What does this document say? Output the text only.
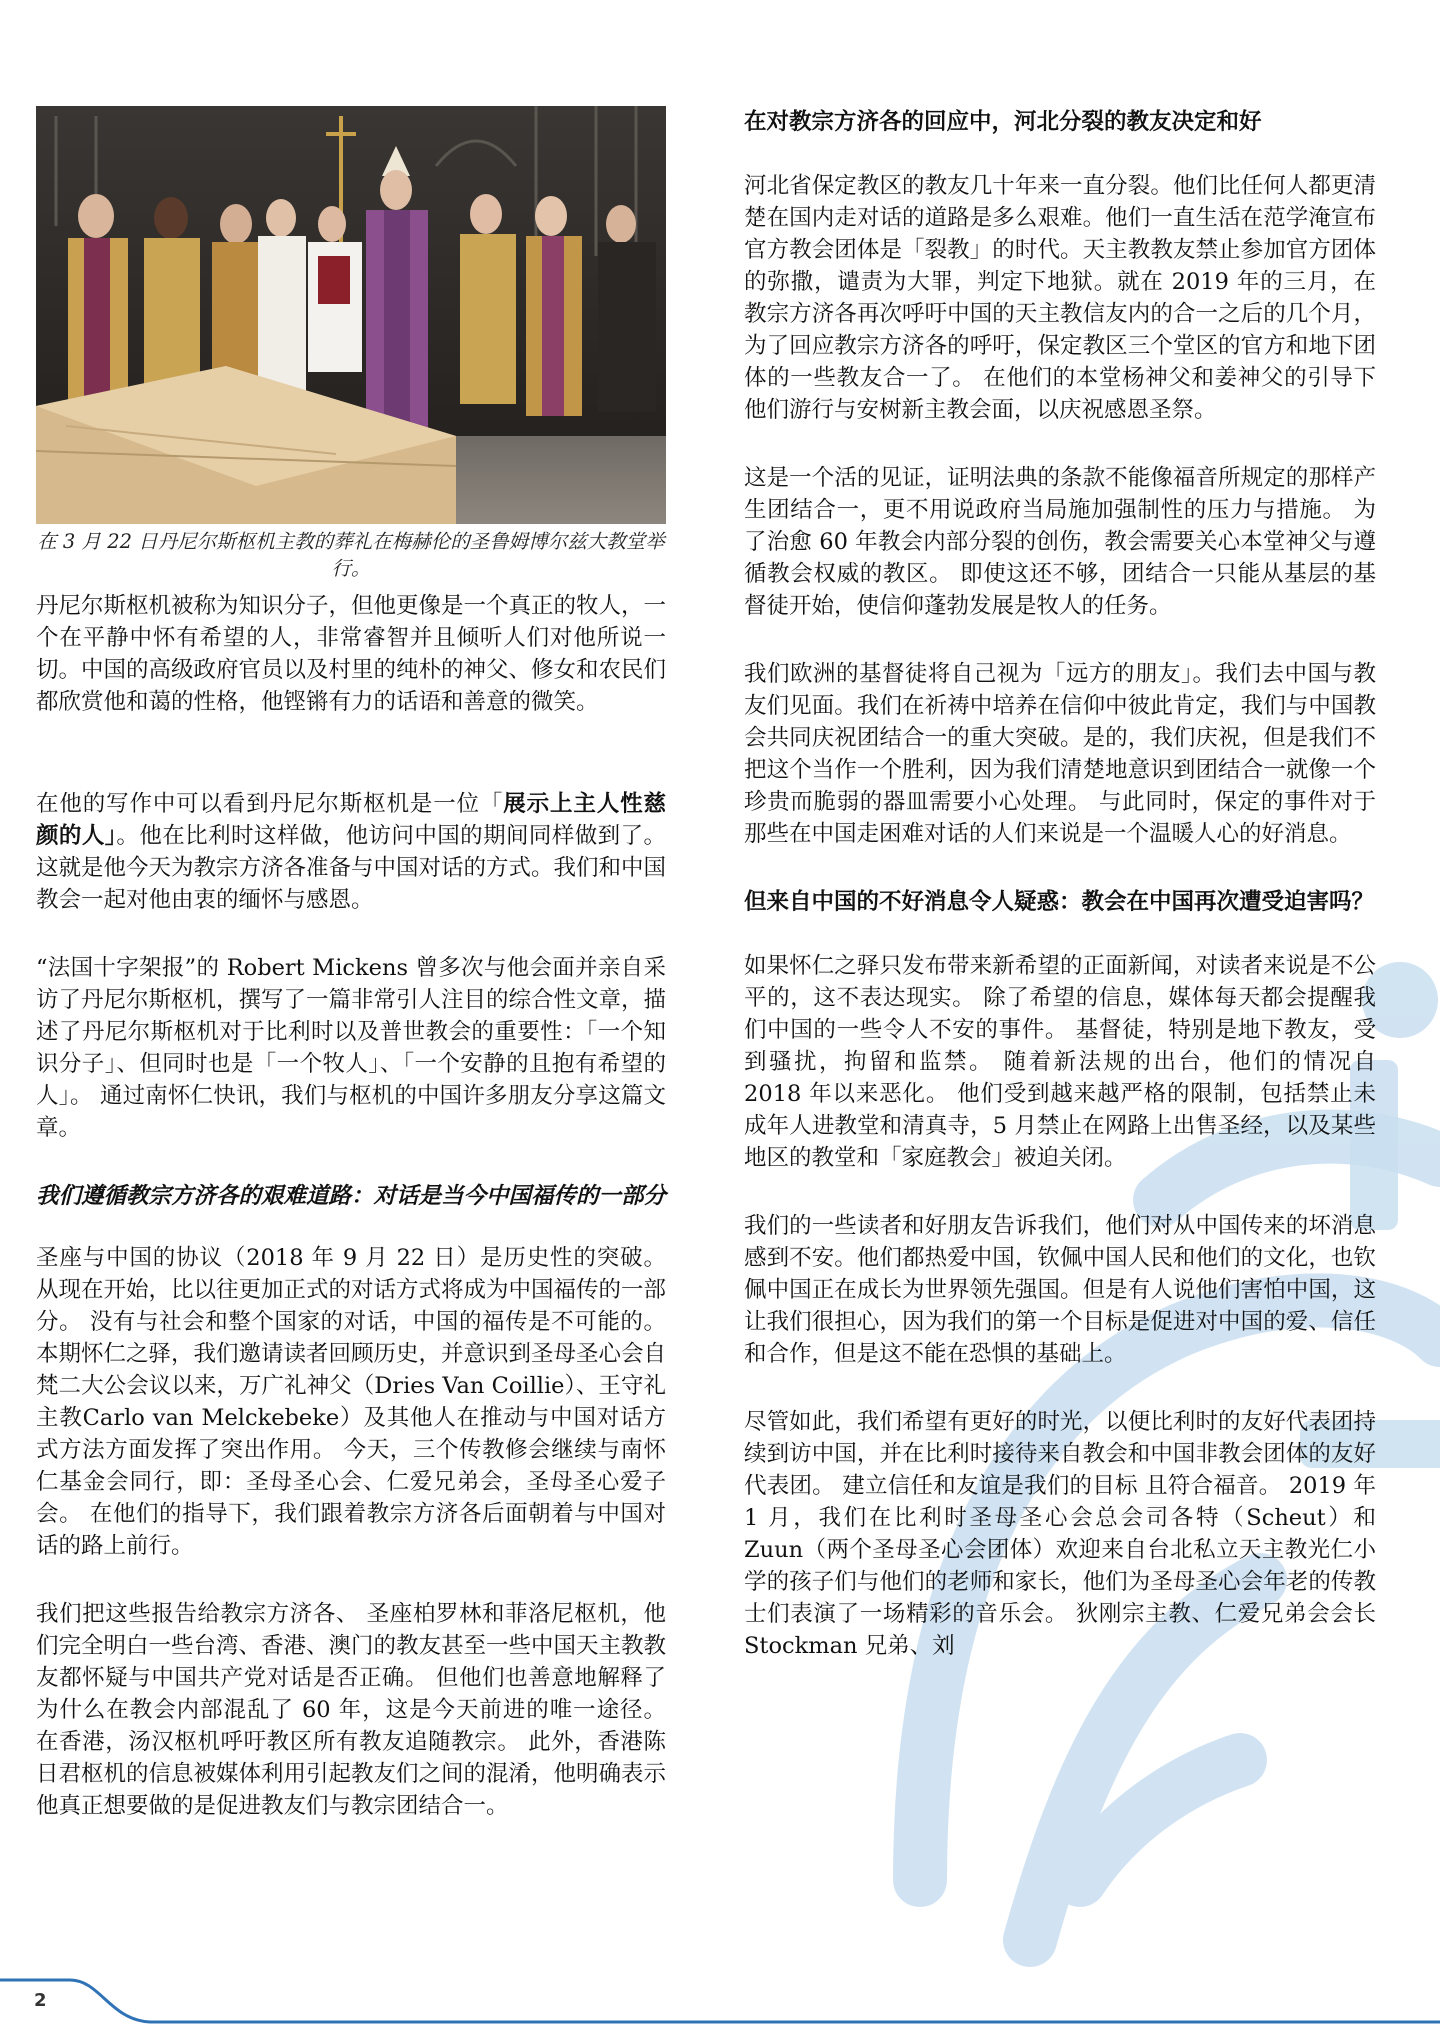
在 3 月 22 日丹尼尔斯枢机主教的葬礼在梅赫伦的圣鲁姆博尔兹大教堂举行。

丹尼尔斯枢机被称为知识分子，但他更像是一个真正的牧人，一个在平静中怀有希望的人，非常睿智并且倾听人们对他所说一切。中国的高级政府官员以及村里的纯朴的神父、修女和农民们都欣赏他和蔼的性格，他铿锵有力的话语和善意的微笑。

在他的写作中可以看到丹尼尔斯枢机是一位「展示上主人性慈颜的人」。他在比利时这样做，他访问中国的期间同样做到了。这就是他今天为教宗方济各准备与中国对话的方式。我们和中国教会一起对他由衷的缅怀与感恩。

“法国十字架报”的 Robert Mickens 曾多次与他会面并亲自采访了丹尼尔斯枢机，撰写了一篇非常引人注目的综合性文章，描述了丹尼尔斯枢机对于比利时以及普世教会的重要性：「一个知识分子」、但同时也是「一个牧人」、「一个安静的且抱有希望的人」。 通过南怀仁快讯，我们与枢机的中国许多朋友分享这篇文章。

我们遵循教宗方济各的艰难道路：对话是当今中国福传的一部分

圣座与中国的协议（2018 年 9 月 22 日）是历史性的突破。从现在开始，比以往更加正式的对话方式将成为中国福传的一部分。 没有与社会和整个国家的对话，中国的福传是不可能的。 本期怀仁之驿，我们邀请读者回顾历史，并意识到圣母圣心会自梵二大公会议以来，万广礼神父（Dries Van Coillie）、王守礼主教Carlo van Melckebeke）及其他人在推动与中国对话方式方法方面发挥了突出作用。 今天，三个传教修会继续与南怀仁基金会同行，即：圣母圣心会、仁爱兄弟会，圣母圣心爱子会。 在他们的指导下，我们跟着教宗方济各后面朝着与中国对话的路上前行。

我们把这些报告给教宗方济各、 圣座柏罗林和菲洛尼枢机，他们完全明白一些台湾、香港、澳门的教友甚至一些中国天主教教友都怀疑与中国共产党对话是否正确。 但他们也善意地解释了为什么在教会内部混乱了 60 年，这是今天前进的唯一途径。 在香港，汤汉枢机呼吁教区所有教友追随教宗。 此外，香港陈日君枢机的信息被媒体利用引起教友们之间的混淆，他明确表示他真正想要做的是促进教友们与教宗团结合一。

在对教宗方济各的回应中，河北分裂的教友决定和好

河北省保定教区的教友几十年来一直分裂。他们比任何人都更清楚在国内走对话的道路是多么艰难。他们一直生活在范学淹宣布官方教会团体是「裂教」的时代。天主教教友禁止参加官方团体的弥撒，谴责为大罪，判定下地狱。就在 2019 年的三月，在教宗方济各再次呼吁中国的天主教信友内的合一之后的几个月，为了回应教宗方济各的呼吁，保定教区三个堂区的官方和地下团体的一些教友合一了。 在他们的本堂杨神父和姜神父的引导下他们游行与安树新主教会面，以庆祝感恩圣祭。

这是一个活的见证，证明法典的条款不能像福音所规定的那样产生团结合一，更不用说政府当局施加强制性的压力与措施。 为了治愈 60 年教会内部分裂的创伤，教会需要关心本堂神父与遵循教会权威的教区。 即使这还不够，团结合一只能从基层的基督徒开始，使信仰蓬勃发展是牧人的任务。

我们欧洲的基督徒将自己视为「远方的朋友」。我们去中国与教友们见面。我们在祈祷中培养在信仰中彼此肯定，我们与中国教会共同庆祝团结合一的重大突破。是的，我们庆祝，但是我们不把这个当作一个胜利，因为我们清楚地意识到团结合一就像一个珍贵而脆弱的器皿需要小心处理。 与此同时，保定的事件对于那些在中国走困难对话的人们来说是一个温暖人心的好消息。

但来自中国的不好消息令人疑惑：教会在中国再次遭受迫害吗？

如果怀仁之驿只发布带来新希望的正面新闻，对读者来说是不公平的，这不表达现实。 除了希望的信息，媒体每天都会提醒我们中国的一些令人不安的事件。 基督徒，特别是地下教友，受到骚扰，拘留和监禁。 随着新法规的出台，他们的情况自 2018 年以来恶化。 他们受到越来越严格的限制，包括禁止未成年人进教堂和清真寺，5 月禁止在网路上出售圣经，以及某些地区的教堂和「家庭教会」被迫关闭。

我们的一些读者和好朋友告诉我们，他们对从中国传来的坏消息感到不安。他们都热爱中国，钦佩中国人民和他们的文化，也钦佩中国正在成长为世界领先强国。但是有人说他们害怕中国，这让我们很担心，因为我们的第一个目标是促进对中国的爱、信任和合作，但是这不能在恐惧的基础上。

尽管如此，我们希望有更好的时光，以便比利时的友好代表团持续到访中国，并在比利时接待来自教会和中国非教会团体的友好代表团。 建立信任和友谊是我们的目标 且符合福音。 2019 年 1 月，我们在比利时圣母圣心会总会司各特（Scheut）和 Zuun（两个圣母圣心会团体）欢迎来自台北私立天主教光仁小学的孩子们与他们的老师和家长，他们为圣母圣心会年老的传教士们表演了一场精彩的音乐会。 狄刚宗主教、仁爱兄弟会会长 Stockman 兄弟、刘

2
